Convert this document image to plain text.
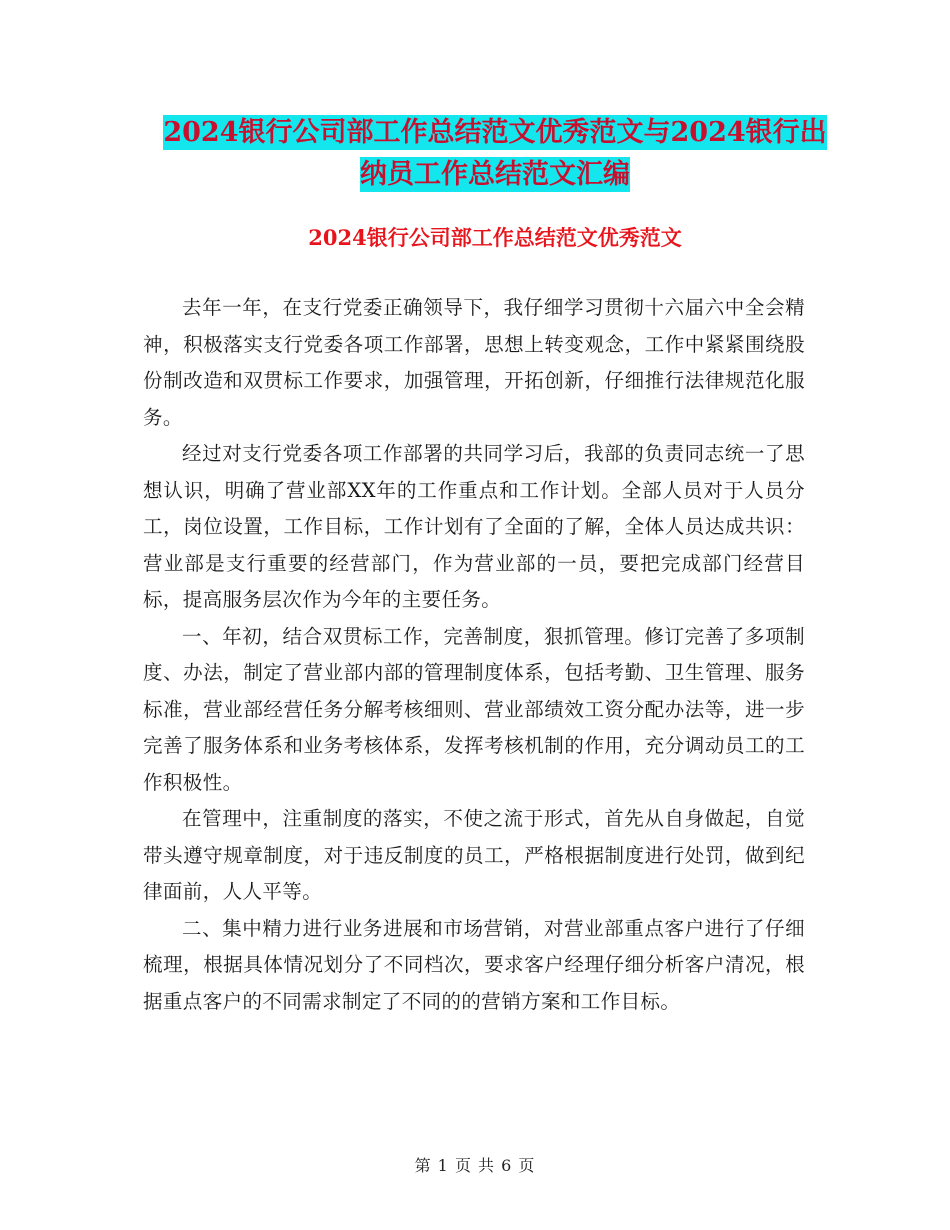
2024银行公司部工作总结范文优秀范文与2024银行出
纳员工作总结范文汇编
2024银行公司部工作总结范文优秀范文

去年一年，在支行党委正确领导下，我仔细学习贯彻十六届六中全会精神，积极落实支行党委各项工作部署，思想上转变观念，工作中紧紧围绕股份制改造和双贯标工作要求，加强管理，开拓创新，仔细推行法律规范化服务。

经过对支行党委各项工作部署的共同学习后，我部的负责同志统一了思想认识，明确了营业部XX年的工作重点和工作计划。全部人员对于人员分工，岗位设置，工作目标，工作计划有了全面的了解，全体人员达成共识：营业部是支行重要的经营部门，作为营业部的一员，要把完成部门经营目标，提高服务层次作为今年的主要任务。

一、年初，结合双贯标工作，完善制度，狠抓管理。修订完善了多项制度、办法，制定了营业部内部的管理制度体系，包括考勤、卫生管理、服务标准，营业部经营任务分解考核细则、营业部绩效工资分配办法等，进一步完善了服务体系和业务考核体系，发挥考核机制的作用，充分调动员工的工作积极性。

在管理中，注重制度的落实，不使之流于形式，首先从自身做起，自觉带头遵守规章制度，对于违反制度的员工，严格根据制度进行处罚，做到纪律面前，人人平等。

二、集中精力进行业务进展和市场营销，对营业部重点客户进行了仔细梳理，根据具体情况划分了不同档次，要求客户经理仔细分析客户清况，根据重点客户的不同需求制定了不同的的营销方案和工作目标。

第 1 页 共 6 页
